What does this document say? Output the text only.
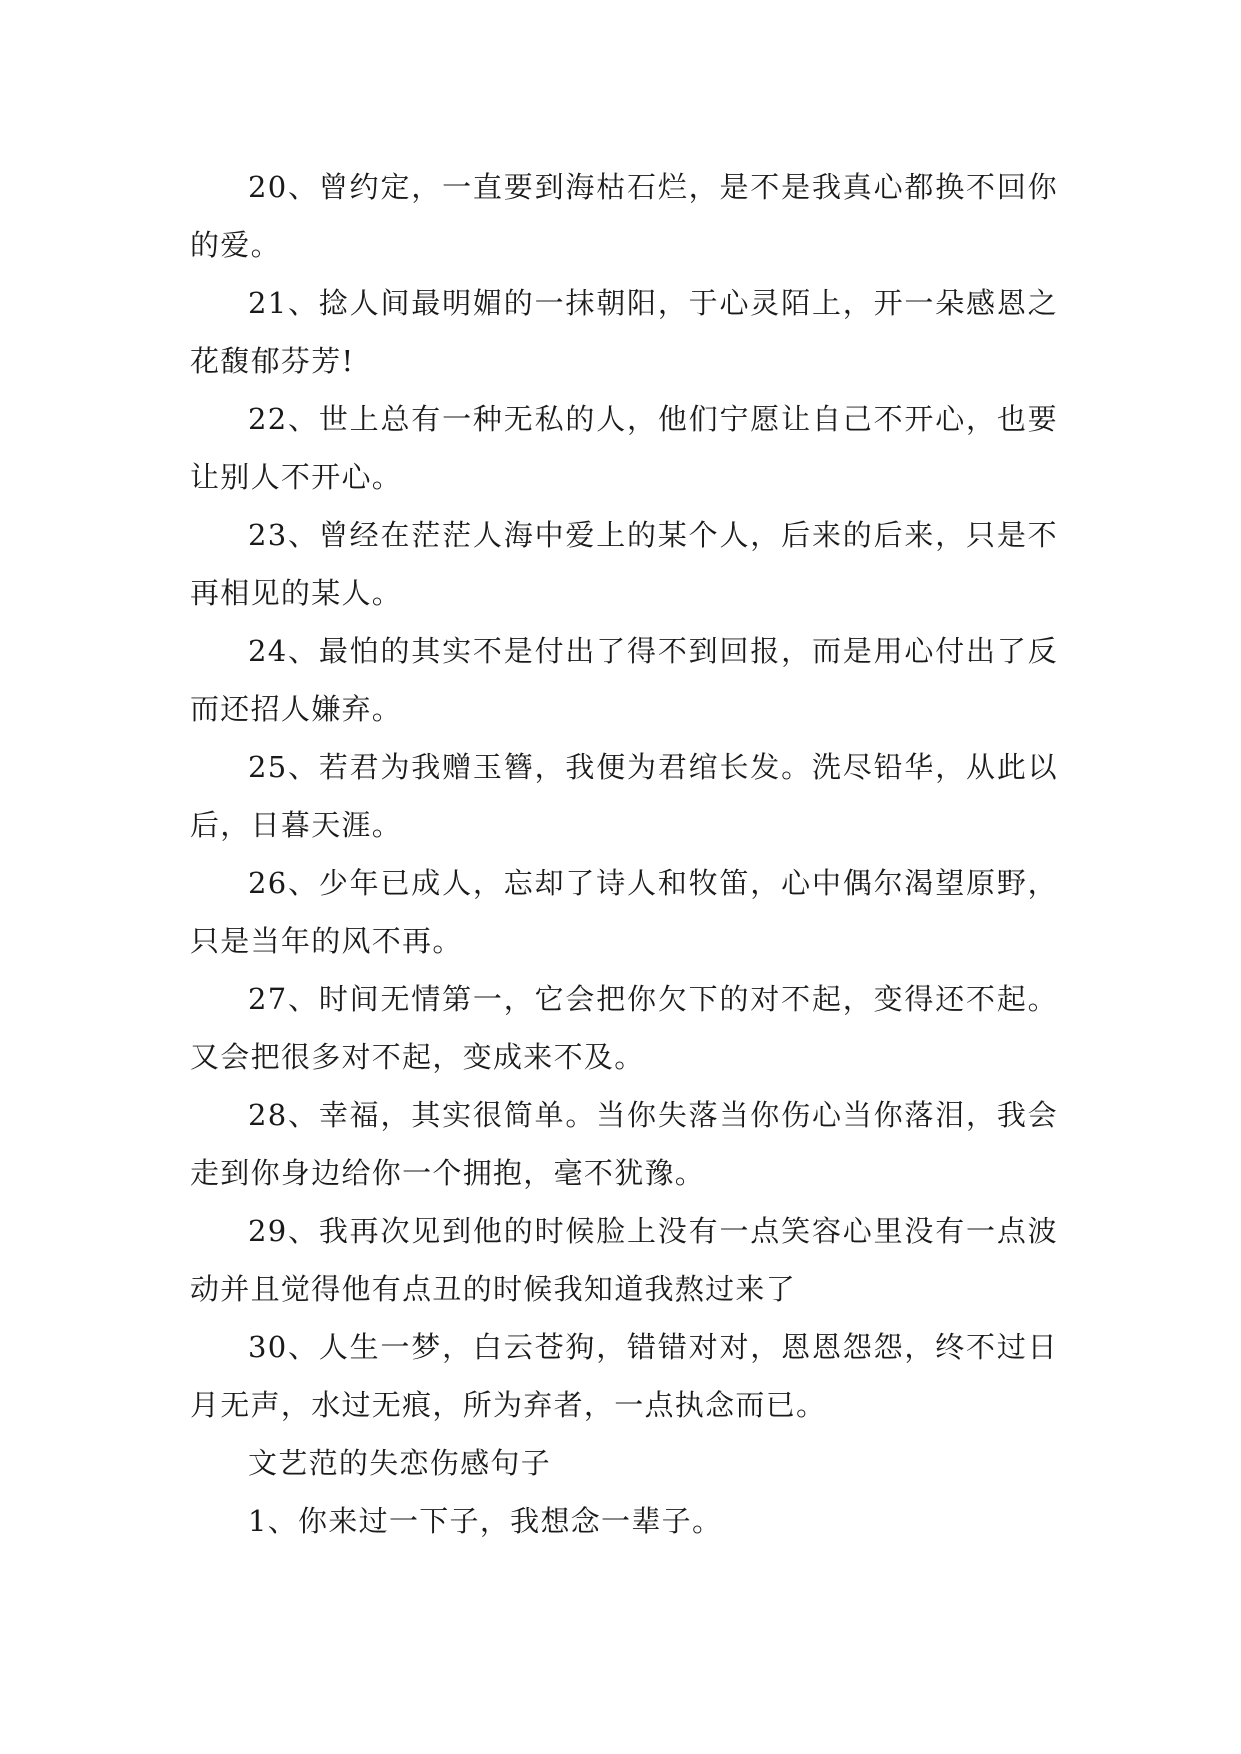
20、曾约定，一直要到海枯石烂，是不是我真心都换不回你的爱。

21、捻人间最明媚的一抹朝阳，于心灵陌上，开一朵感恩之花馥郁芬芳!

22、世上总有一种无私的人，他们宁愿让自己不开心，也要让别人不开心。

23、曾经在茫茫人海中爱上的某个人，后来的后来，只是不再相见的某人。

24、最怕的其实不是付出了得不到回报，而是用心付出了反而还招人嫌弃。

25、若君为我赠玉簪，我便为君绾长发。洗尽铅华，从此以后，日暮天涯。

26、少年已成人，忘却了诗人和牧笛，心中偶尔渴望原野，只是当年的风不再。

27、时间无情第一，它会把你欠下的对不起，变得还不起。又会把很多对不起，变成来不及。

28、幸福，其实很简单。当你失落当你伤心当你落泪，我会走到你身边给你一个拥抱，毫不犹豫。

29、我再次见到他的时候脸上没有一点笑容心里没有一点波动并且觉得他有点丑的时候我知道我熬过来了

30、人生一梦，白云苍狗，错错对对，恩恩怨怨，终不过日月无声，水过无痕，所为弃者，一点执念而已。

文艺范的失恋伤感句子

1、你来过一下子，我想念一辈子。
